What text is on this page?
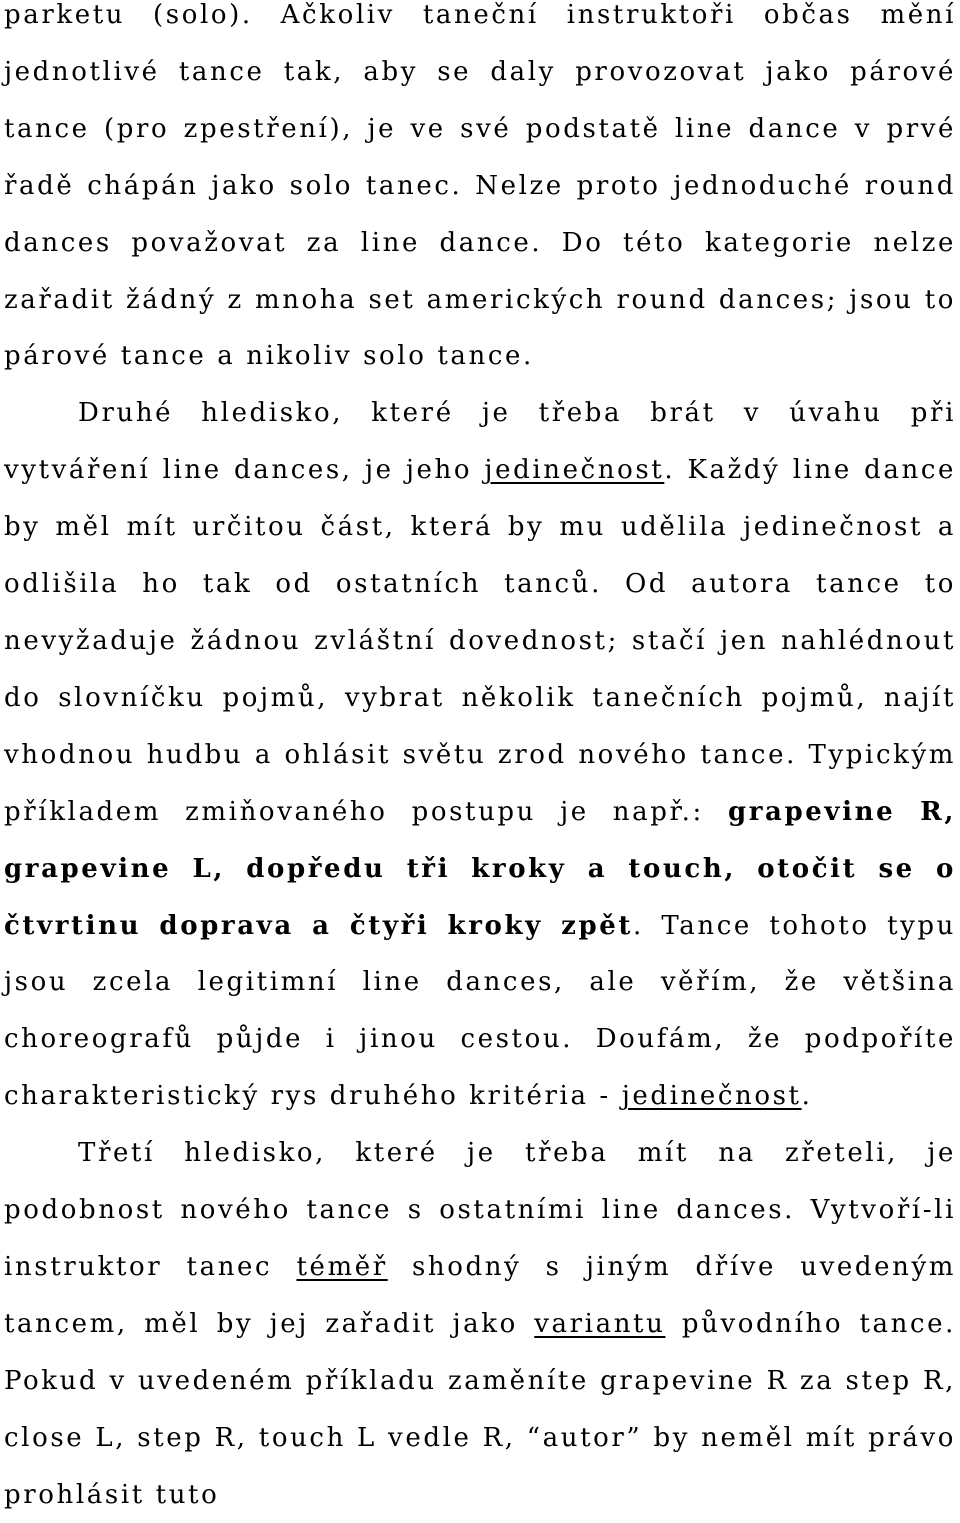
parketu (solo). Ačkoliv taneční instruktoři občas mění jednotlivé tance tak, aby se daly provozovat jako párové tance (pro zpestření), je ve své podstatě line dance v prvé řadě chápán jako solo tanec. Nelze proto jednoduché round dances považovat za line dance. Do této kategorie nelze zařadit žádný z mnoha set amerických round dances; jsou to párové tance a nikoliv solo tance.

Druhé hledisko, které je třeba brát v úvahu při vytváření line dances, je jeho jedinečnost. Každý line dance by měl mít určitou část, která by mu udělila jedinečnost a odlišila ho tak od ostatních tanců. Od autora tance to nevyžaduje žádnou zvláštní dovednost; stačí jen nahlédnout do slovníčku pojmů, vybrat několik tanečních pojmů, najít vhodnou hudbu a ohlásit světu zrod nového tance. Typickým příkladem zmiňovaného postupu je např.: grapevine R, grapevine L, dopředu tři kroky a touch, otočit se o čtvrtinu doprava a čtyři kroky zpět. Tance tohoto typu jsou zcela legitimní line dances, ale věřím, že většina choreografů půjde i jinou cestou. Doufám, že podpoříte charakteristický rys druhého kritéria - jedinečnost.

Třetí hledisko, které je třeba mít na zřeteli, je podobnost nového tance s ostatními line dances. Vytvoří-li instruktor tanec téměř shodný s jiným dříve uvedeným tancem, měl by jej zařadit jako variantu původního tance. Pokud v uvedeném příkladu zaměníte grapevine R za step R, close L, step R, touch L vedle R, “autor” by neměl mít právo prohlásit tuto
